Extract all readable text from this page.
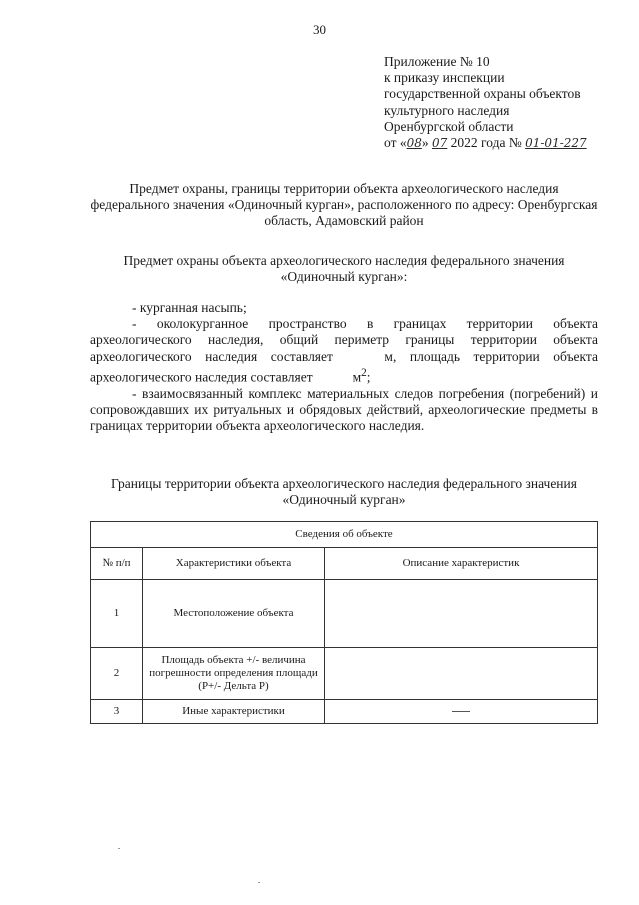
30
Приложение № 10
к приказу инспекции
государственной охраны объектов
культурного наследия
Оренбургской области
от «08» 07 2022 года № 01-01-227
Предмет охраны, границы территории объекта археологического наследия федерального значения «Одиночный курган», расположенного по адресу: Оренбургская область, Адамовский район
Предмет охраны объекта археологического наследия федерального значения «Одиночный курган»:

- курганная насыпь;

- околокурганное пространство в границах территории объекта археологического наследия, общий периметр границы территории объекта археологического наследия составляет	м, площадь территории объекта археологического наследия составляет	$м^2$;

- взаимосвязанный комплекс материальных следов погребения (погребений) и сопровождавших их ритуальных и обрядовых действий, археологические предметы в границах территории объекта археологического наследия.

Границы территории объекта археологического наследия федерального значения «Одиночный курган»
Сведения об объекте		
№ п/п	Характеристики объекта	Описание характеристик
1	Местоположение объекта	
2	Площадь объекта +/- величина погрешности определения площади (Р+/- Дельта Р)	
3	Иные характеристики	
